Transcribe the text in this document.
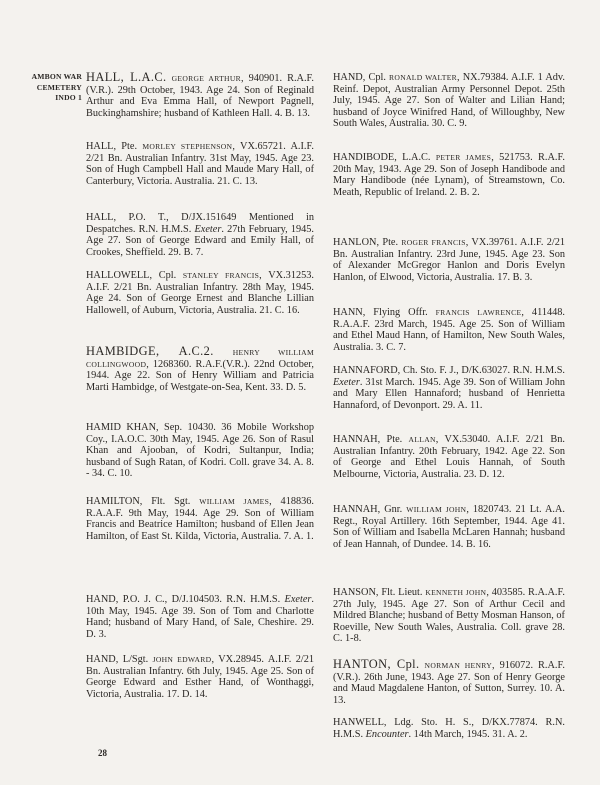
AMBON WAR
CEMETERY
INDO 1

HALL, L.A.C. GEORGE ARTHUR, 940901. R.A.F.(V.R.). 29th October, 1943. Age 24. Son of Reginald Arthur and Eva Emma Hall, of Newport Pagnell, Buckinghamshire; husband of Kathleen Hall. 4. B. 13.

HALL, Pte. MORLEY STEPHENSON, VX.65721. A.I.F. 2/21 Bn. Australian Infantry. 31st May, 1945. Age 23. Son of Hugh Campbell Hall and Maude Mary Hall, of Canterbury, Victoria. Australia. 21. C. 13.

HALL, P.O. T., D/JX.151649 Mentioned in Despatches. R.N. H.M.S. Exeter. 27th February, 1945. Age 27. Son of George Edward and Emily Hall, of Crookes, Sheffield. 29. B. 7.

HALLOWELL, Cpl. STANLEY FRANCIS, VX.31253. A.I.F. 2/21 Bn. Australian Infantry. 28th May, 1945. Age 24. Son of George Ernest and Blanche Lillian Hallowell, of Auburn, Victoria, Australia. 21. C. 16.

HAMBIDGE, A.C.2. HENRY WILLIAM COLLINGWOOD, 1268360. R.A.F.(V.R.). 22nd October, 1944. Age 22. Son of Henry William and Patricia Marti Hambidge, of Westgate-on-Sea, Kent. 33. D. 5.

HAMID KHAN, Sep. 10430. 36 Mobile Workshop Coy., I.A.O.C. 30th May, 1945. Age 26. Son of Rasul Khan and Ajooban, of Kodri, Sultanpur, India; husband of Sugh Ratan, of Kodri. Coll. grave 34. A. 8. - 34. C. 10.

HAMILTON, Flt. Sgt. WILLIAM JAMES, 418836. R.A.A.F. 9th May, 1944. Age 29. Son of William Francis and Beatrice Hamilton; husband of Ellen Jean Hamilton, of East St. Kilda, Victoria, Australia. 7. A. 1.

HAND, P.O. J. C., D/J.104503. R.N. H.M.S. Exeter. 10th May, 1945. Age 39. Son of Tom and Charlotte Hand; husband of Mary Hand, of Sale, Cheshire. 29. D. 3.

HAND, L/Sgt. JOHN EDWARD, VX.28945. A.I.F. 2/21 Bn. Australian Infantry. 6th July, 1945. Age 25. Son of George Edward and Esther Hand, of Wonthaggi, Victoria, Australia. 17. D. 14.

HAND, Cpl. RONALD WALTER, NX.79384. A.I.F. 1 Adv. Reinf. Depot, Australian Army Personnel Depot. 25th July, 1945. Age 27. Son of Walter and Lilian Hand; husband of Joyce Winifred Hand, of Willoughby, New South Wales, Australia. 30. C. 9.

HANDIBODE, L.A.C. PETER JAMES, 521753. R.A.F. 20th May, 1943. Age 29. Son of Joseph Handibode and Mary Handibode (née Lynam), of Streamstown, Co. Meath, Republic of Ireland. 2. B. 2.

HANLON, Pte. ROGER FRANCIS, VX.39761. A.I.F. 2/21 Bn. Australian Infantry. 23rd June, 1945. Age 23. Son of Alexander McGregor Hanlon and Doris Evelyn Hanlon, of Elwood, Victoria, Australia. 17. B. 3.

HANN, Flying Offr. FRANCIS LAWRENCE, 411448. R.A.A.F. 23rd March, 1945. Age 25. Son of William and Ethel Maud Hann, of Hamilton, New South Wales, Australia. 3. C. 7.

HANNAFORD, Ch. Sto. F. J., D/K.63027. R.N. H.M.S. Exeter. 31st March. 1945. Age 39. Son of William John and Mary Ellen Hannaford; husband of Henrietta Hannaford, of Devonport. 29. A. 11.

HANNAH, Pte. ALLAN, VX.53040. A.I.F. 2/21 Bn. Australian Infantry. 20th February, 1942. Age 22. Son of George and Ethel Louis Hannah, of South Melbourne, Victoria, Australia. 23. D. 12.

HANNAH, Gnr. WILLIAM JOHN, 1820743. 21 Lt. A.A. Regt., Royal Artillery. 16th September, 1944. Age 41. Son of William and Isabella McLaren Hannah; husband of Jean Hannah, of Dundee. 14. B. 16.

HANSON, Flt. Lieut. KENNETH JOHN, 403585. R.A.A.F. 27th July, 1945. Age 27. Son of Arthur Cecil and Mildred Blanche; husband of Betty Mosman Hanson, of Roeville, New South Wales, Australia. Coll. grave 28. C. 1-8.

HANTON, Cpl. NORMAN HENRY, 916072. R.A.F.(V.R.). 26th June, 1943. Age 27. Son of Henry George and Maud Magdalene Hanton, of Sutton, Surrey. 10. A. 13.

HANWELL, Ldg. Sto. H. S., D/KX.77874. R.N. H.M.S. Encounter. 14th March, 1945. 31. A. 2.

28
